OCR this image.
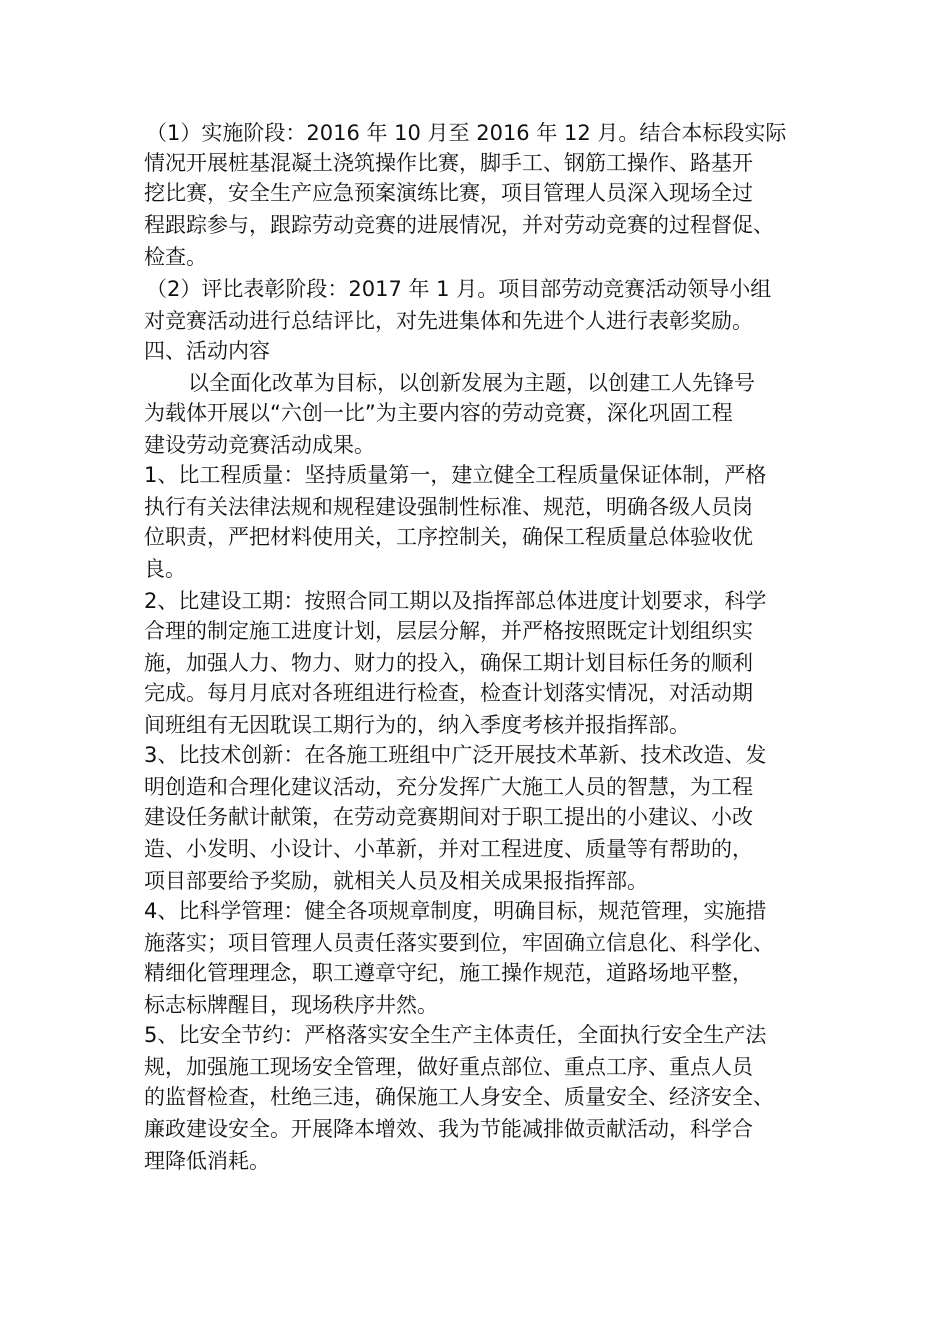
（1）实施阶段：2016 年 10 月至 2016 年 12 月。结合本标段实际
情况开展桩基混凝土浇筑操作比赛，脚手工、钢筋工操作、路基开
挖比赛，安全生产应急预案演练比赛，项目管理人员深入现场全过
程跟踪参与，跟踪劳动竞赛的进展情况，并对劳动竞赛的过程督促、
检查。
（2）评比表彰阶段：2017 年 1 月。项目部劳动竞赛活动领导小组
对竞赛活动进行总结评比，对先进集体和先进个人进行表彰奖励。
四、活动内容
以全面化改革为目标，以创新发展为主题，以创建工人先锋号
为载体开展以“六创一比”为主要内容的劳动竞赛，深化巩固工程
建设劳动竞赛活动成果。
1、比工程质量：坚持质量第一，建立健全工程质量保证体制，严格
执行有关法律法规和规程建设强制性标准、规范，明确各级人员岗
位职责，严把材料使用关，工序控制关，确保工程质量总体验收优
良。
2、比建设工期：按照合同工期以及指挥部总体进度计划要求，科学
合理的制定施工进度计划，层层分解，并严格按照既定计划组织实
施，加强人力、物力、财力的投入，确保工期计划目标任务的顺利
完成。每月月底对各班组进行检查，检查计划落实情况，对活动期
间班组有无因耽误工期行为的，纳入季度考核并报指挥部。
3、比技术创新：在各施工班组中广泛开展技术革新、技术改造、发
明创造和合理化建议活动，充分发挥广大施工人员的智慧，为工程
建设任务献计献策，在劳动竞赛期间对于职工提出的小建议、小改
造、小发明、小设计、小革新，并对工程进度、质量等有帮助的，
项目部要给予奖励，就相关人员及相关成果报指挥部。
4、比科学管理：健全各项规章制度，明确目标，规范管理，实施措
施落实；项目管理人员责任落实要到位，牢固确立信息化、科学化、
精细化管理理念，职工遵章守纪，施工操作规范，道路场地平整，
标志标牌醒目，现场秩序井然。
5、比安全节约：严格落实安全生产主体责任，全面执行安全生产法
规，加强施工现场安全管理，做好重点部位、重点工序、重点人员
的监督检查，杜绝三违，确保施工人身安全、质量安全、经济安全、
廉政建设安全。开展降本增效、我为节能减排做贡献活动，科学合
理降低消耗。
